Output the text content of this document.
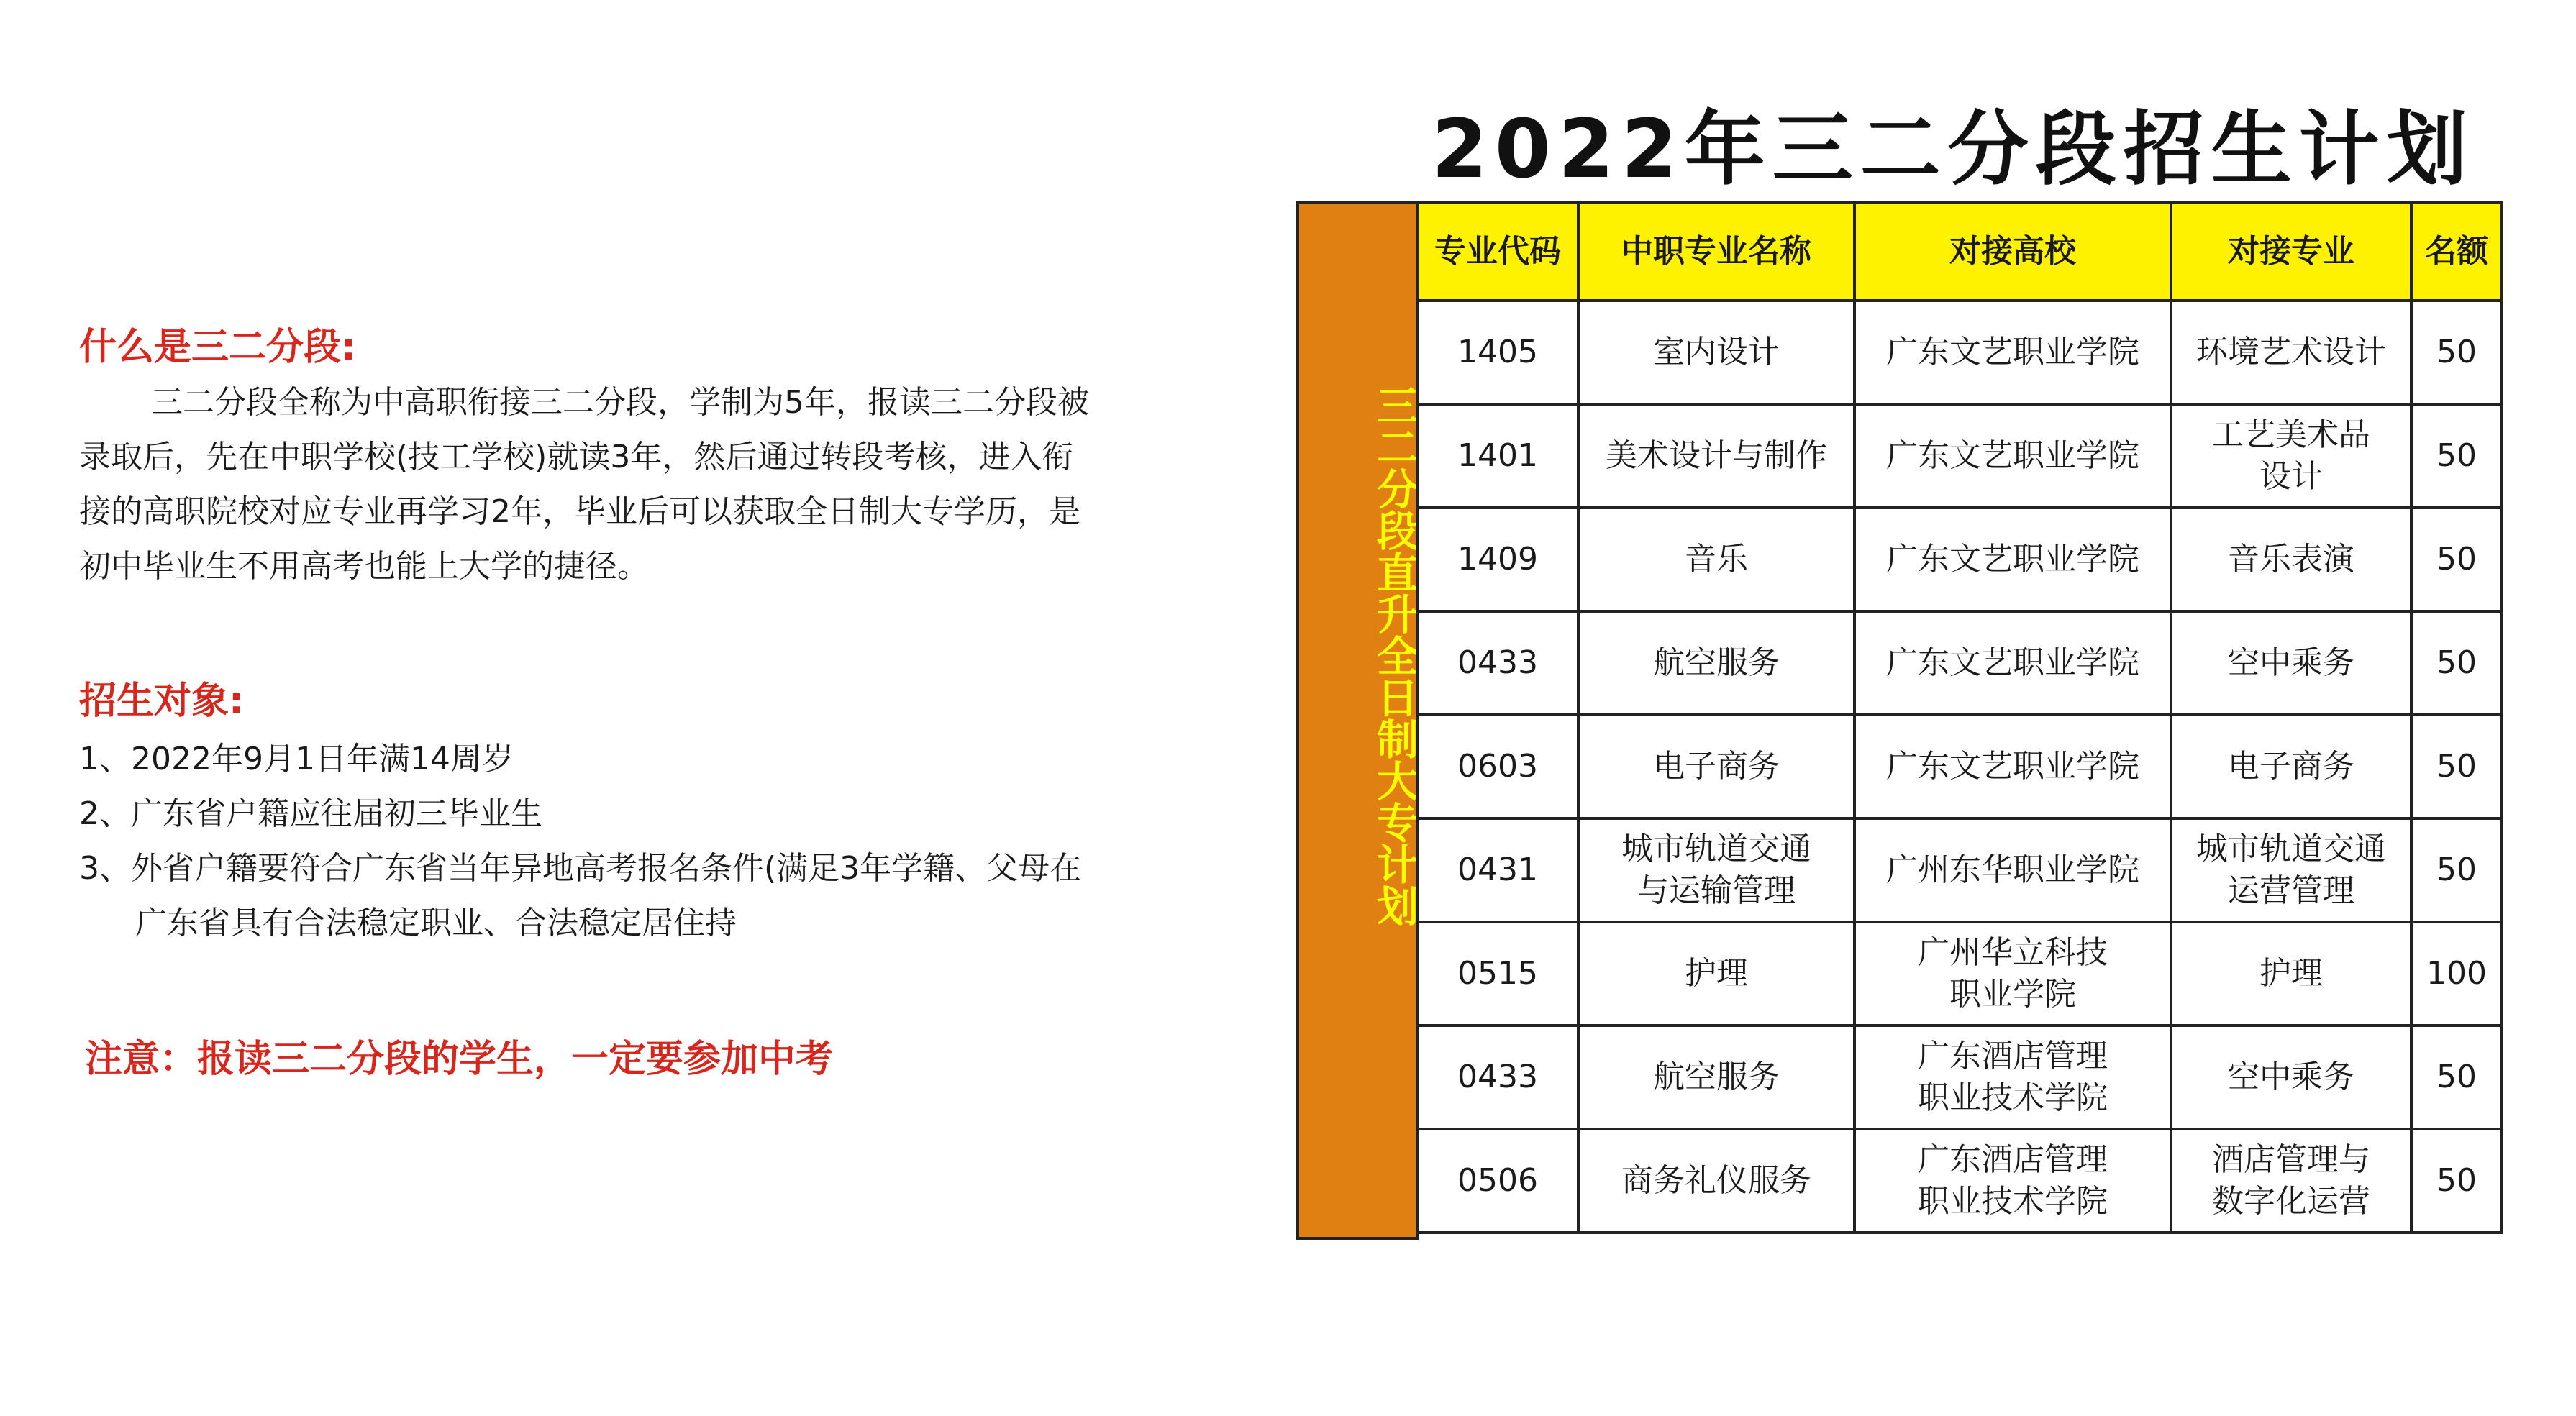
什么是三二分段:
三二分段全称为中高职衔接三二分段，学制为5年，报读三二分段被
录取后，先在中职学校(技工学校)就读3年，然后通过转段考核，进入衔
接的高职院校对应专业再学习2年，毕业后可以获取全日制大专学历，是
初中毕业生不用高考也能上大学的捷径。
招生对象:
1、2022年9月1日年满14周岁
2、广东省户籍应往届初三毕业生
3、外省户籍要符合广东省当年异地高考报名条件(满足3年学籍、父母在
广东省具有合法稳定职业、合法稳定居住持
注意：报读三二分段的学生，一定要参加中考
2022年三二分段招生计划
三二分段直升全日制大专计划
专业代码	中职专业名称	对接高校	对接专业	名额
1405	室内设计	广东文艺职业学院	环境艺术设计	50
1401	美术设计与制作	广东文艺职业学院	工艺美术品
设计	50
1409	音乐	广东文艺职业学院	音乐表演	50
0433	航空服务	广东文艺职业学院	空中乘务	50
0603	电子商务	广东文艺职业学院	电子商务	50
0431	城市轨道交通
与运输管理	广州东华职业学院	城市轨道交通
运营管理	50
0515	护理	广州华立科技
职业学院	护理	100
0433	航空服务	广东酒店管理
职业技术学院	空中乘务	50
0506	商务礼仪服务	广东酒店管理
职业技术学院	酒店管理与
数字化运营	50
